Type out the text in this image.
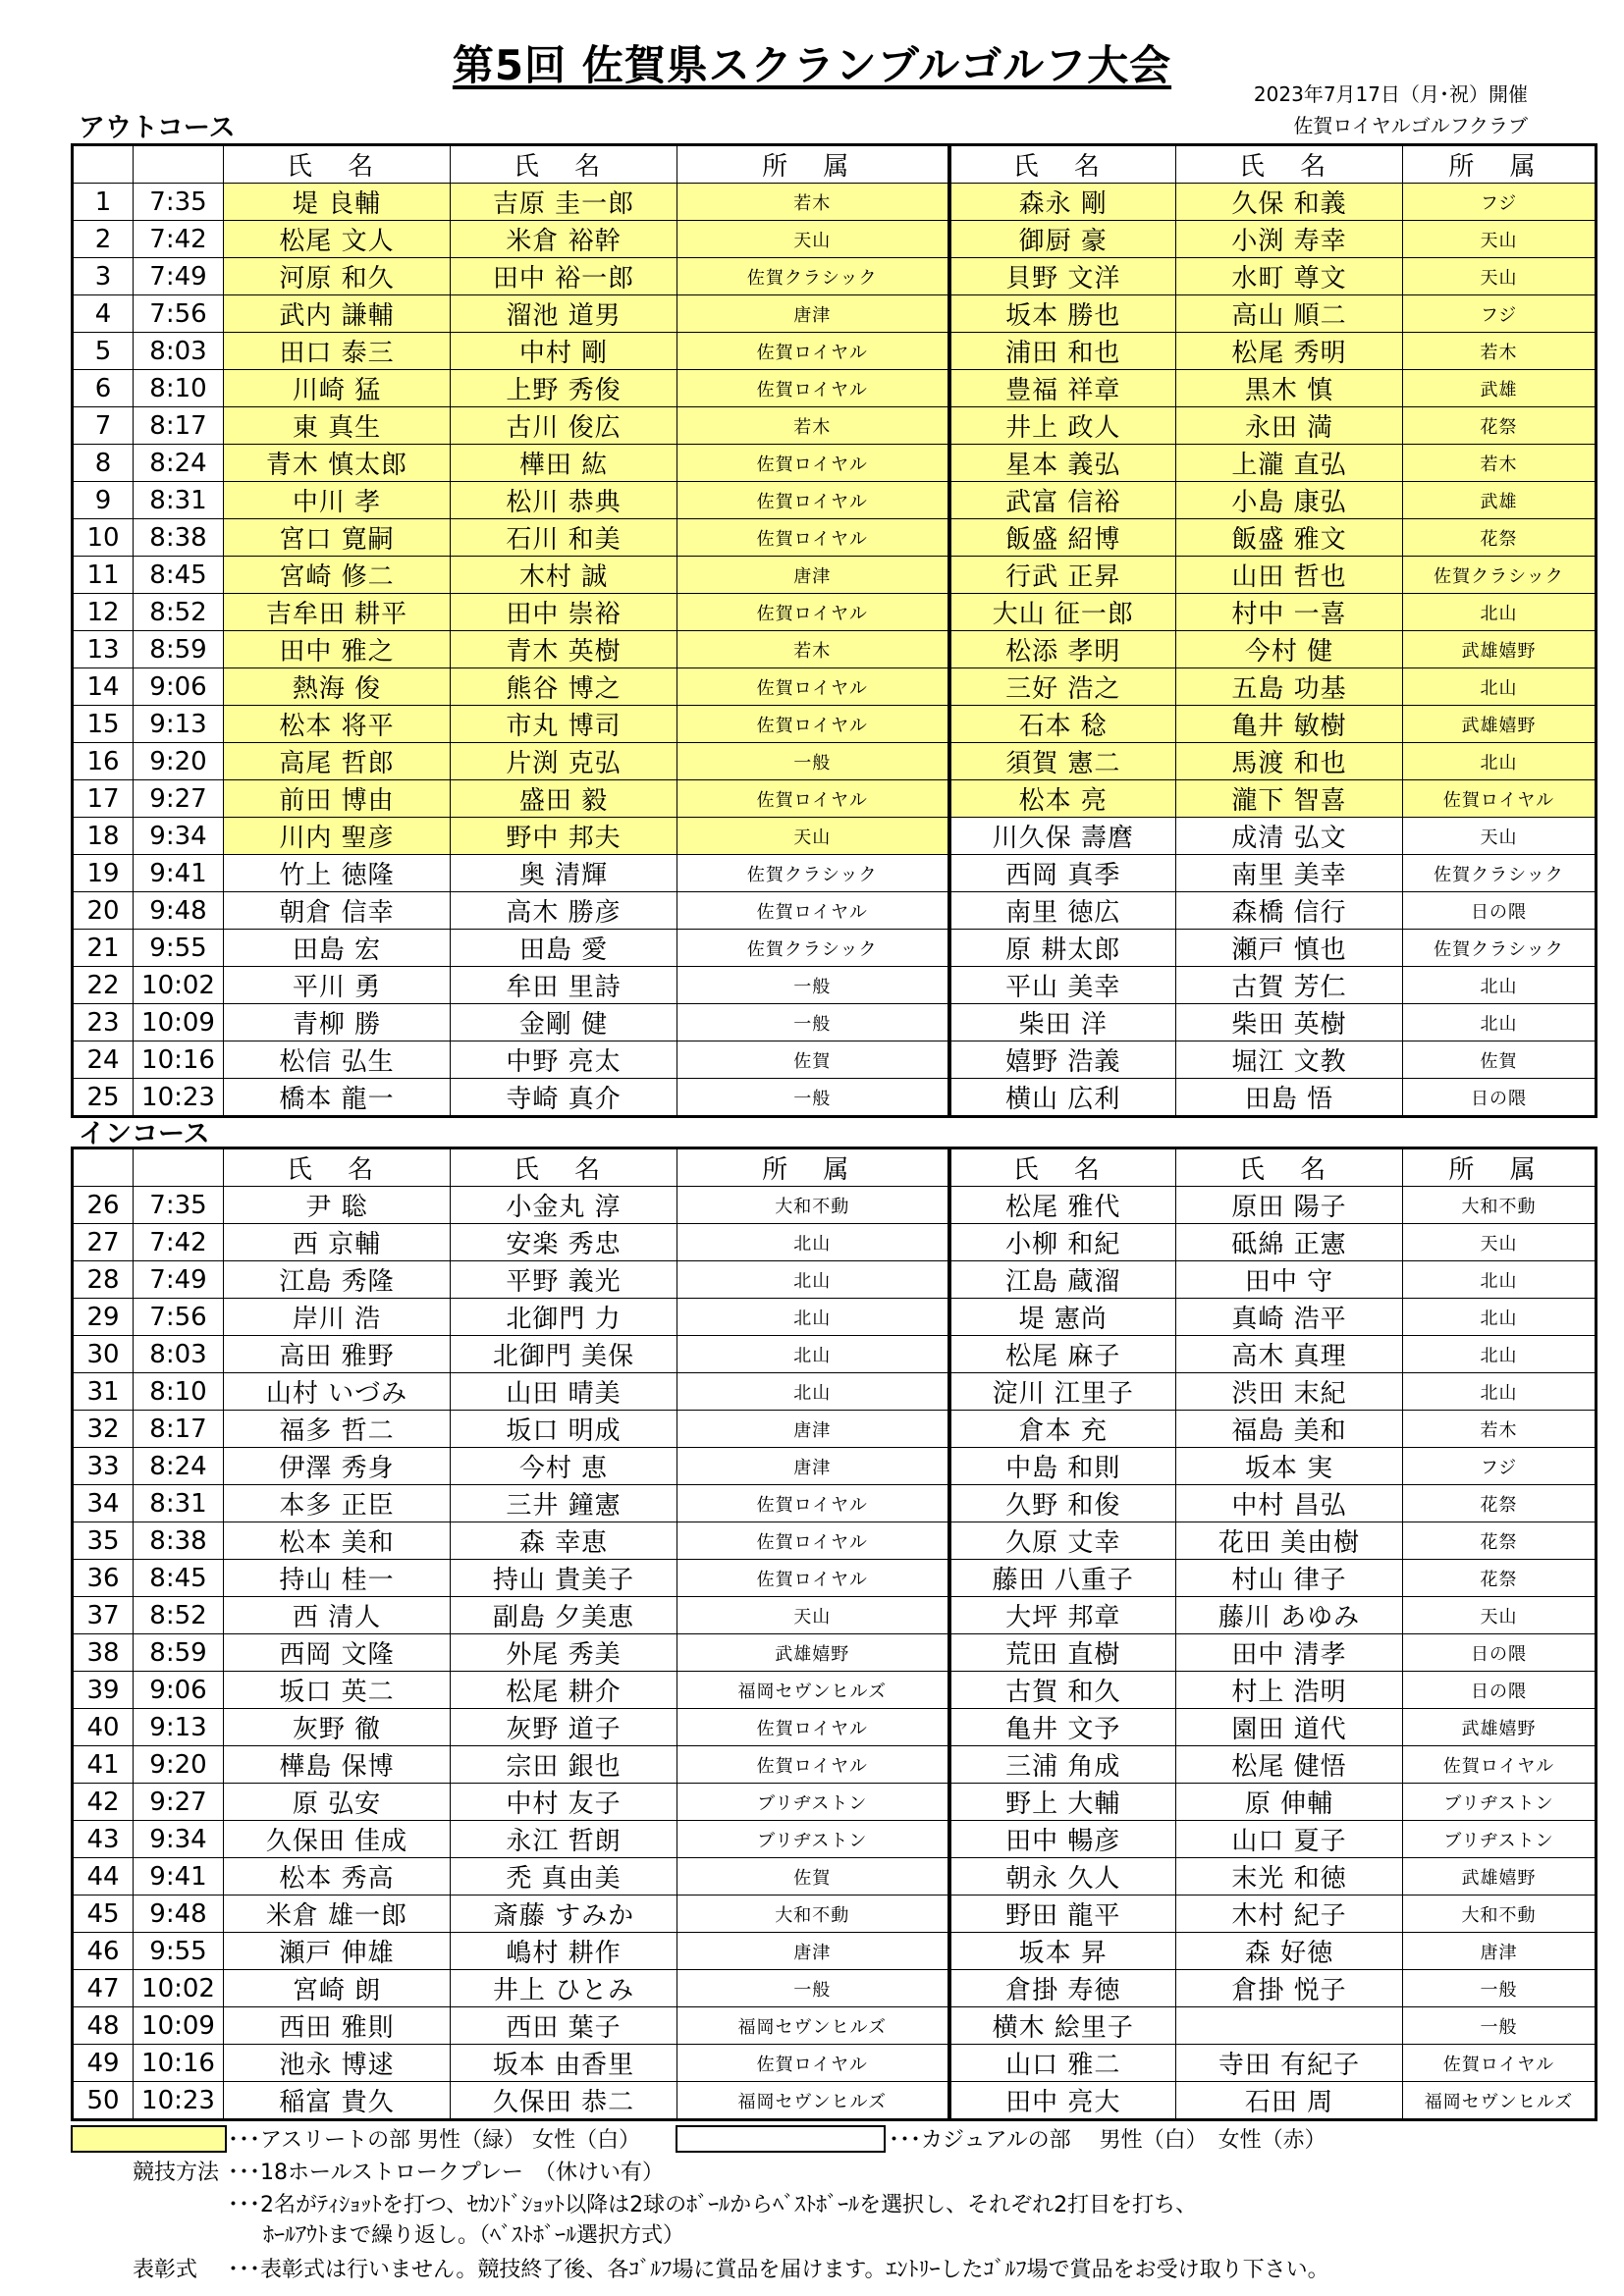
第5回 佐賀県スクランブルゴルフ大会
2023年7月17日（月･祝）開催
佐賀ロイヤルゴルフクラブ
アウトコース
		氏 名	氏 名	所 属	氏 名	氏 名	所 属
1	7:35	堤 良輔	吉原 圭一郎	若木	森永 剛	久保 和義	フジ
2	7:42	松尾 文人	米倉 裕幹	天山	御厨 豪	小渕 寿幸	天山
3	7:49	河原 和久	田中 裕一郎	佐賀クラシック	貝野 文洋	水町 尊文	天山
4	7:56	武内 謙輔	溜池 道男	唐津	坂本 勝也	高山 順二	フジ
5	8:03	田口 泰三	中村 剛	佐賀ロイヤル	浦田 和也	松尾 秀明	若木
6	8:10	川崎 猛	上野 秀俊	佐賀ロイヤル	豊福 祥章	黒木 慎	武雄
7	8:17	東 真生	古川 俊広	若木	井上 政人	永田 満	花祭
8	8:24	青木 慎太郎	樺田 紘	佐賀ロイヤル	星本 義弘	上瀧 直弘	若木
9	8:31	中川 孝	松川 恭典	佐賀ロイヤル	武富 信裕	小島 康弘	武雄
10	8:38	宮口 寛嗣	石川 和美	佐賀ロイヤル	飯盛 紹博	飯盛 雅文	花祭
11	8:45	宮崎 修二	木村 誠	唐津	行武 正昇	山田 哲也	佐賀クラシック
12	8:52	吉牟田 耕平	田中 崇裕	佐賀ロイヤル	大山 征一郎	村中 一喜	北山
13	8:59	田中 雅之	青木 英樹	若木	松添 孝明	今村 健	武雄嬉野
14	9:06	熱海 俊	熊谷 博之	佐賀ロイヤル	三好 浩之	五島 功基	北山
15	9:13	松本 将平	市丸 博司	佐賀ロイヤル	石本 稔	亀井 敏樹	武雄嬉野
16	9:20	高尾 哲郎	片渕 克弘	一般	須賀 憲二	馬渡 和也	北山
17	9:27	前田 博由	盛田 毅	佐賀ロイヤル	松本 亮	瀧下 智喜	佐賀ロイヤル
18	9:34	川内 聖彦	野中 邦夫	天山	川久保 壽麿	成清 弘文	天山
19	9:41	竹上 徳隆	奥 清輝	佐賀クラシック	西岡 真季	南里 美幸	佐賀クラシック
20	9:48	朝倉 信幸	高木 勝彦	佐賀ロイヤル	南里 徳広	森橋 信行	日の隈
21	9:55	田島 宏	田島 愛	佐賀クラシック	原 耕太郎	瀬戸 慎也	佐賀クラシック
22	10:02	平川 勇	牟田 里詩	一般	平山 美幸	古賀 芳仁	北山
23	10:09	青柳 勝	金剛 健	一般	柴田 洋	柴田 英樹	北山
24	10:16	松信 弘生	中野 亮太	佐賀	嬉野 浩義	堀江 文教	佐賀
25	10:23	橋本 龍一	寺崎 真介	一般	横山 広利	田島 悟	日の隈
インコース
		氏 名	氏 名	所 属	氏 名	氏 名	所 属
26	7:35	尹 聡	小金丸 淳	大和不動	松尾 雅代	原田 陽子	大和不動
27	7:42	西 京輔	安楽 秀忠	北山	小柳 和紀	砥綿 正憲	天山
28	7:49	江島 秀隆	平野 義光	北山	江島 蔵溜	田中 守	北山
29	7:56	岸川 浩	北御門 力	北山	堤 憲尚	真崎 浩平	北山
30	8:03	高田 雅野	北御門 美保	北山	松尾 麻子	高木 真理	北山
31	8:10	山村 いづみ	山田 晴美	北山	淀川 江里子	渋田 末紀	北山
32	8:17	福多 哲二	坂口 明成	唐津	倉本 充	福島 美和	若木
33	8:24	伊澤 秀身	今村 恵	唐津	中島 和則	坂本 実	フジ
34	8:31	本多 正臣	三井 鐘憲	佐賀ロイヤル	久野 和俊	中村 昌弘	花祭
35	8:38	松本 美和	森 幸恵	佐賀ロイヤル	久原 丈幸	花田 美由樹	花祭
36	8:45	持山 桂一	持山 貴美子	佐賀ロイヤル	藤田 八重子	村山 律子	花祭
37	8:52	西 清人	副島 夕美恵	天山	大坪 邦章	藤川 あゆみ	天山
38	8:59	西岡 文隆	外尾 秀美	武雄嬉野	荒田 直樹	田中 清孝	日の隈
39	9:06	坂口 英二	松尾 耕介	福岡セヴンヒルズ	古賀 和久	村上 浩明	日の隈
40	9:13	灰野 徹	灰野 道子	佐賀ロイヤル	亀井 文予	園田 道代	武雄嬉野
41	9:20	樺島 保博	宗田 銀也	佐賀ロイヤル	三浦 角成	松尾 健悟	佐賀ロイヤル
42	9:27	原 弘安	中村 友子	ブリヂストン	野上 大輔	原 伸輔	ブリヂストン
43	9:34	久保田 佳成	永江 哲朗	ブリヂストン	田中 暢彦	山口 夏子	ブリヂストン
44	9:41	松本 秀高	禿 真由美	佐賀	朝永 久人	末光 和徳	武雄嬉野
45	9:48	米倉 雄一郎	斎藤 すみか	大和不動	野田 龍平	木村 紀子	大和不動
46	9:55	瀬戸 伸雄	嶋村 耕作	唐津	坂本 昇	森 好徳	唐津
47	10:02	宮崎 朗	井上 ひとみ	一般	倉掛 寿徳	倉掛 悦子	一般
48	10:09	西田 雅則	西田 葉子	福岡セヴンヒルズ	横木 絵里子		一般
49	10:16	池永 博逑	坂本 由香里	佐賀ロイヤル	山口 雅二	寺田 有紀子	佐賀ロイヤル
50	10:23	稲富 貴久	久保田 恭二	福岡セヴンヒルズ	田中 亮大	石田 周	福岡セヴンヒルズ
･･･アスリートの部 男性（緑） 女性（白）	･･･カジュアルの部　 男性（白）　女性（赤）
競技方法 ･･･18ホールストロークプレー　（休けい有）
･･･2名がﾃｨｼｮｯﾄを打つ、ｾｶﾝﾄﾞｼｮｯﾄ以降は2球のﾎﾞｰﾙからﾍﾞｽﾄﾎﾞｰﾙを選択し、それぞれ2打目を打ち、
ﾎｰﾙｱｳﾄまで繰り返し。（ﾍﾞｽﾄﾎﾞｰﾙ選択方式）
表彰式 ･･･表彰式は行いません。競技終了後、各ｺﾞﾙﾌ場に賞品を届けます。ｴﾝﾄﾘｰしたｺﾞﾙﾌ場で賞品をお受け取り下さい。
